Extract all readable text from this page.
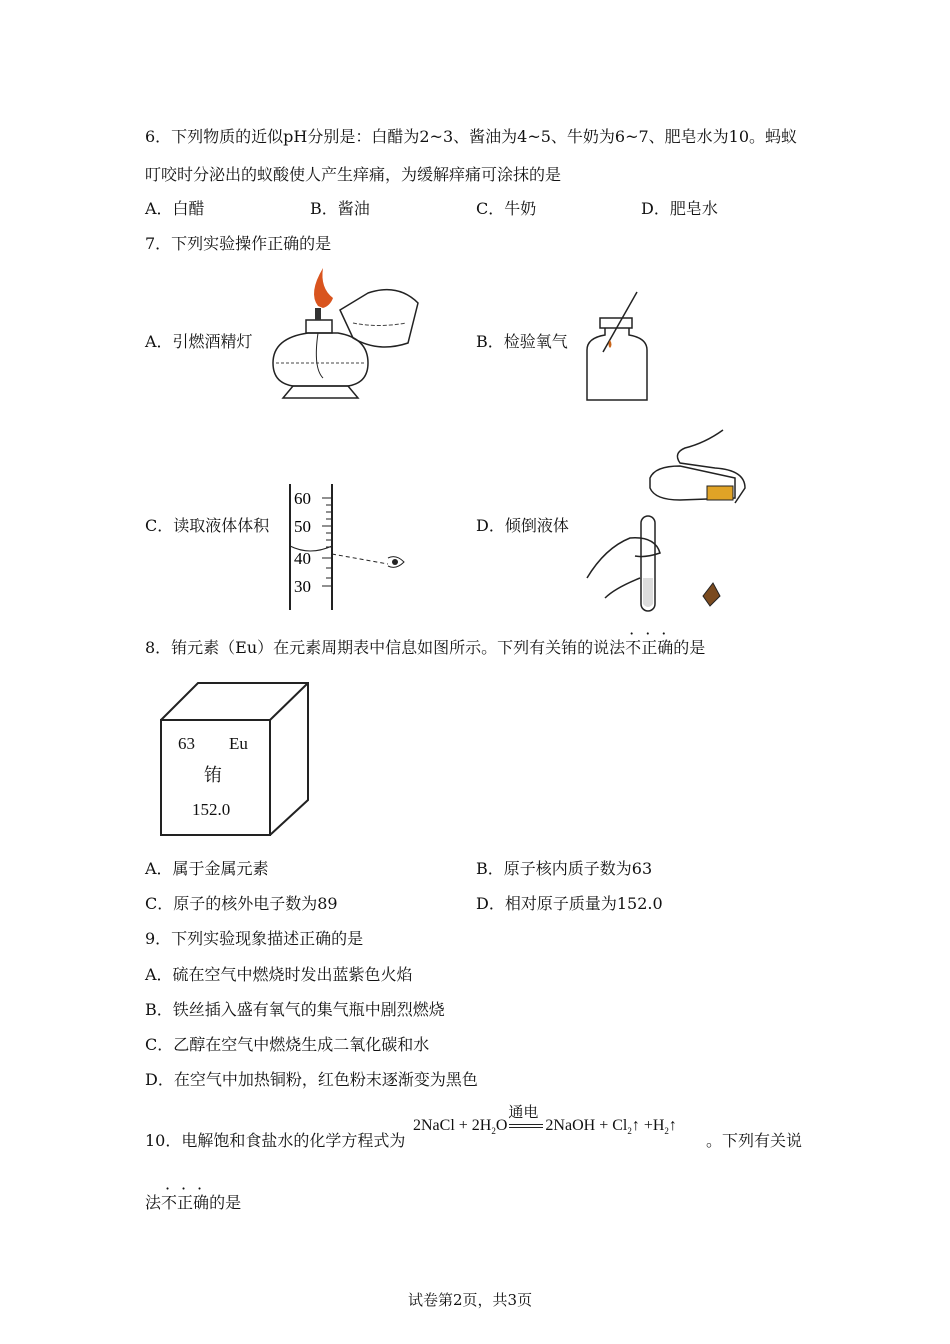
6．下列物质的近似pH分别是：白醋为2~3、酱油为4~5、牛奶为6~7、肥皂水为10。蚂蚁
叮咬时分泌出的蚁酸使人产生痒痛，为缓解痒痛可涂抹的是
A．白醋	B．酱油	C．牛奶	D．肥皂水
7．下列实验操作正确的是
A．引燃酒精灯	B．检验氧气
C．读取液体体积	D．倾倒液体
60
50
40
30
8．铕元素（Eu）在元素周期表中信息如图所示。下列有关铕的说法不正确的是
63 Eu
铕
152.0
A．属于金属元素	B．原子核内质子数为63
C．原子的核外电子数为89	D．相对原子质量为152.0
9．下列实验现象描述正确的是
A．硫在空气中燃烧时发出蓝紫色火焰
B．铁丝插入盛有氧气的集气瓶中剧烈燃烧
C．乙醇在空气中燃烧生成二氧化碳和水
D．在空气中加热铜粉，红色粉末逐渐变为黑色
10．电解饱和食盐水的化学方程式为
2NaCl + $2H_2O$
通电
2NaOH + $Cl_2↑$ $+H_2↑$
。下列有关说
法不正确的是
试卷第2页，共3页
